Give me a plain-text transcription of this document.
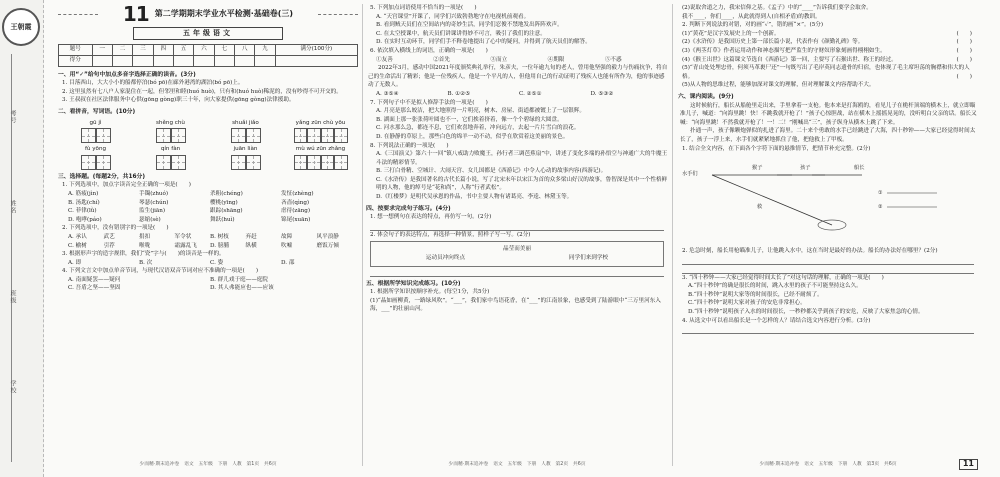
王朝霞
考号
姓名
班级
学校
11 第二学期期末学业水平检测·基础卷(三)
五年级语文
题号	一	二	三	四	五	六	七	八	九	满分(100分)
得分										
一、用“✓”给句中加点多音字选择正确的读音。(3分)
1. 目落西山，大大小小的船都停泊(bó pō)在廊外港湾的湖泊(bó pō)上。
2. 这里虽然有七八户人家混住在一起，但邻里和睦(huó huò)，只有和(huó huò)稀泥的，没有吵得不可开交的。
3. 王叔叔在社区法律服务中心供(gōng gòng)职三十年，向大家提供(gōng gòng)法律援助。
二、看拼音，写词语。(10分)
gū jì	shěng chù	shuǎi jiǎo	yǎng zūn chù yōu
fù yōng	qín fàn	juān liàn	mù wú zūn zhǎng
三、选择题。(每题2分，共16分)
1. 下列选项中，加点字读音完全正确的一项是(　　)
A. 筋疲(jìn)	手镯(zhuó)	杀粗(chéng)	发怔(zhèng)
B. 汤匙(chí)	琴瑟(chún)	樱桃(yīng)	吝啬(qìng)
C. 菲律(lǜ)	监生(jiān)	跟踪(shāng)	虐待(zāng)
D. 咆哮(páo)	瑟缩(sè)	舞跃(huì)	锦尾(xuān)
2. 下列选项中，没有错别字的一项是(　　)
A. 承认	武艺	捐扣	军令状	B. 树枝	弃赶	故障	风平浪静
C. 榆树	引荐	喉咙	霜露乱飞	D. 膀脯	纵横	吹嘘	磨饭万倾
3. 根据形声字的造字规律，我们“瓷”字与(　　)的读音是一样的。
A. 即	B. 次	C. 姿	D. 邵
4. 下列文言文中加点单音节词，与现代汉语双音节词对应不准确的一项是(　　)
A. 南面疑罢——疑问	B. 群儿戏于庭——庭院
C. 吾盾之坚——坚固	D. 其人弗能应也——应该
少而精·期末追冲卷　语文　五年级　下册　人教　第1页　共6页
5. 下列加点词语使用不恰当的一项是(　　)
A. “天宫课堂”开课了，同学们兴致勃勃地守在电视机前观看。
B. 看到贼天员们在空间站内的奇妙生活，同学们忍俊不禁地发出阵阵欢声。
C. 在太空授课中，航天员们讲课讲得妙不可言，吸引了我们的注意。
D. 在实时互动环节，同学们手不释卷地提出了心中的疑问，并得到了航天员们的解答。
6. 依次填入横线上的词语，正确的一项是(　　)
①友善	②首先	③而立	④期限	⑤不惑
2022年3月，感动中国2021年度颁奖典礼举行，朱彦夫，一位年逾九旬的老人，曾用他坚强的毅力与伤痛抗争，将自己的生命活出了精彩；他是一位残疾人，他是一个平凡的人，但他用自己的行动证明了残疾人也能有所作为，他的事迹感动了无数人。
A. ③⑤④	B. ①②⑤	C. ②⑤①	D. ⑤③②
7. 下列句子中不是拟人修辞手法的一项是(　　)
A. 月亮是那么皎洁，把大地照得一片明亮，树木、房屋、街道都被镀上了一层银辉。
B. 湖面上那一张张荷叶圆也不一，它们挨着挤着，像一个个碧绿的大圆盘。
C. 河水那么急，都连不息，它们欢喜地奔着，冲向远方，去起一片片雪白的浪花。
D. 在静静的草原上，那些白色的绵羊一动不动，似乎在欣赏着这美丽的景色。
8. 下列说法正确的一项是(　　)
A.《三国演义》第六十一回“镇八戒助力败魔王，孙行者三调芭蕉扇”中，讲述了变化多端的孙悟空与神通广大的牛魔王斗法的精彩情节。
B. 三打白骨精、空城计、大闹天宫、女儿国都是《西游记》中令人心动的故事内容(西游记)。
C.《水浒传》是我国著名的古代长篇小说，写了北宋末年以宋江为首的众多梁山好汉的故事，鲁智深是其中一个性格鲜明的人物，他的绰号是“花和尚”，人称“行者武松”。
D.《红楼梦》是明代吴承恩的作品，书中主要人物有诸葛亮、李逵、林黛玉等。
四、按要求完成句子练习。(4分)
1. 想一想例句在表达的特点，再仿写一句。(2分)
2. 体会句子的表达特点，再选择一种情景，照样子写一写。(2分)
晶莹而美丽
运动员冲向终点	同学们来到学校
五、根据所学知识完成练习。(10分)
1. 根据所学知识按顺序补充。(每空1分，共5分)
(1)“晶如画柳黄，一路绿风吹”。“___”，我们家中鸟语花香，在“___”的江南景象，也感受到了陆游眼中“三万里河东入海，___”的壮丽山河。
少而精·期末追冲卷　语文　五年级　下册　人教　第2页　共6页
(2)说取舍道之力，我宋信仰之基。《孟子》中的“____”告诉我们要学会取舍。
我不____，你们____，从此就得到人(自相矛盾)的教训。
2. 判断下列说法的对错，对的画“✓”，错的画“×”。(5分)
(1)“黄花”是汉字发展史上的一个创新。	(　　)
(2)《水浒传》是我国历史上第一部长篇小说，代表作有《颜勤礼碑》等。	(　　)
(3)《两茎灯草》作者运用动作和神态描写把严监生的守财奴形象刻画得栩栩如生。	(　　)
(4)《猴王出世》这篇课文节选自《西游记》第一回，主要写了石猴出世、称王的经过。	(　　)
(5)“青山处处埋忠骨，何须马革裹尸还”一句既写出了毛岸英同志遗骨的归宿，也体现了毛主席坦荡的胸襟和伟大的人格。	(　　)
(5)从人物的思维过程，能够加深对课文的理解，但对理解课文内容帮助不大。
六、课内阅读。(9分)
这时候航行，船长从船舱里走出来，手里拿着一支枪。他本来是打海鸥的，看见儿子在桅杆顶端的横木上，就立即瞄准儿子，喊道：“向海里跳！快！不跳我就开枪了！”孩子心惊胆战，站在横木上摇摇晃晃的，没听明白父亲的话。船长又喊：“向海里跳！不然我就开枪了！一！二！”刚喊出“三”，孩子纵身从横木上跳了下来。
扑通一声，孩子像颗炮弹似的扎进了海里。二十来个勇敢的水手已经跳进了大海，四十秒钟——大家已经觉得时间太长了，孩子一浮上来，水手们就紧紧地抓住了他，把他救上了甲板。
1. 结合全文内容，在下面各个字符下面的悬推情节，把情节补充完整。(2分)
水手们
猴子	孩子	船长
救
①
②
2. 危急时刻，船长用枪瞄准儿子，让他跳入水中，这在当时是最好的办法。船长的办法好在哪里？(2分)
3. “四十秒钟——大家已经觉得时间太长了”对这句话的理解，正确的一项是(　　)
A.“四十秒钟”的确是很长的时间，跳入水里的孩子不可能坚持这么久。
B.“四十秒钟”说明大家等的时间很长，已经不耐烦了。
C.“四十秒钟”说明大家对孩子的安危非常担心。
D.“四十秒钟”说明孩子入水的时间很长，一秒秒都关乎到孩子的安危，反映了大家焦急的心情。
4. 从选文中可以看出船长是一个怎样的人？请结合选文内容进行分析。(3分)
少而精·期末追冲卷　语文　五年级　下册　人教　第3页　共6页	11
